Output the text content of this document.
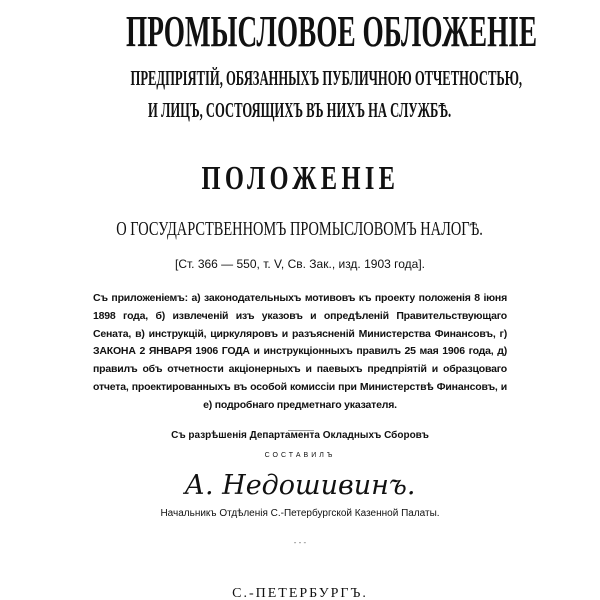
ПРОМЫСЛОВОЕ ОБЛОЖЕНІЕ
ПРЕДПРІЯТІЙ, ОБЯЗАННЫХЪ ПУБЛИЧНОЮ ОТЧЕТНОСТЬЮ,
И ЛИЦЪ, СОСТОЯЩИХЪ ВЪ НИХЪ НА СЛУЖБѢ.
ПОЛОЖЕНІЕ
О ГОСУДАРСТВЕННОМЪ ПРОМЫСЛОВОМЪ НАЛОГѢ.
[Ст. 366 — 550, т. V, Св. Зак., изд. 1903 года].
Съ приложеніемъ: а) законодательныхъ мотивовъ къ проекту положенія 8 іюня 1898 года, б) извлеченій изъ указовъ и опредѣленій Правительствующаго Сената, в) инструкцій, циркуляровъ и разъясненій Министерства Финансовъ, г) ЗАКОНА 2 ЯНВАРЯ 1906 ГОДА и инструкціонныхъ правилъ 25 мая 1906 года, д) правилъ объ отчетности акціонерныхъ и паевыхъ предпріятій и образцоваго отчета, проектированныхъ въ особой комиссіи при Министерствѣ Финансовъ, и е) подробнаго предметнаго указателя.
Съ разрѣшенія Департамента Окладныхъ Сборовъ
СОСТАВИЛЪ
А. Недошивинъ.
Начальникъ Отдѣленія С.-Петербургской Казенной Палаты.
- - -
С.-ПЕТЕРБУРГЪ.
